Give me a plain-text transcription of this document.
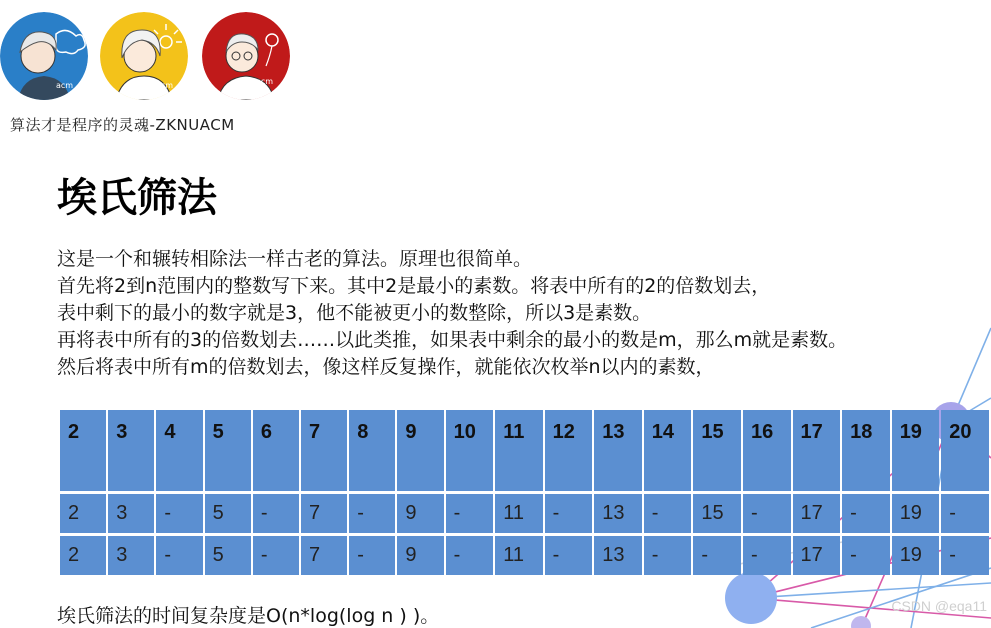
acm	acm	acm
算法才是程序的灵魂-ZKNUACM
埃氏筛法
这是一个和辗转相除法一样古老的算法。原理也很简单。
首先将2到n范围内的整数写下来。其中2是最小的素数。将表中所有的2的倍数划去，
表中剩下的最小的数字就是3，他不能被更小的数整除，所以3是素数。
再将表中所有的3的倍数划去……以此类推，如果表中剩余的最小的数是m，那么m就是素数。
然后将表中所有m的倍数划去，像这样反复操作，就能依次枚举n以内的素数，
2	3	4	5	6	7	8	9	10	11	12	13	14	15	16	17	18	19	20

2	3	-	5	-	7	-	9	-	11	-	13	-	15	-	17	-	19	-

2	3	-	5	-	7	-	9	-	11	-	13	-	-	-	17	-	19	-
埃氏筛法的时间复杂度是O(n*log(log n ) )。	CSDN @eqa11
